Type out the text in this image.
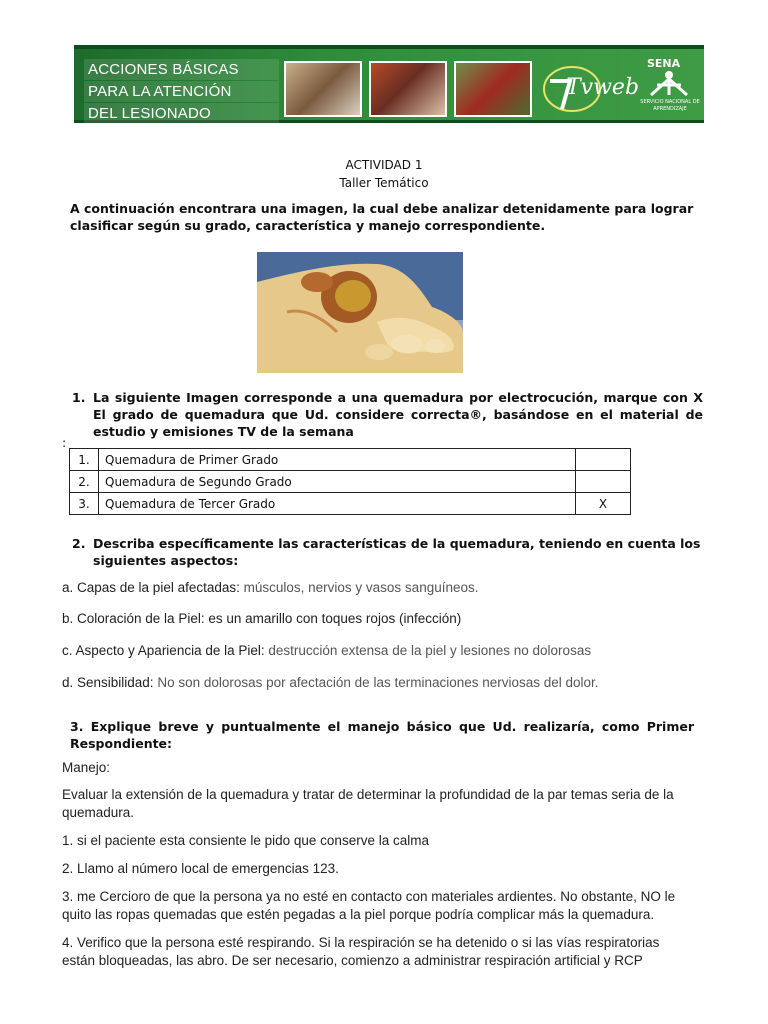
ACCIONES BÁSICAS
PARA LA ATENCIÓN
DEL LESIONADO
Tvweb
SENA
SERVICIO NACIONAL DE APRENDIZAJE
ACTIVIDAD 1
Taller Temático
A continuación encontrara una imagen, la cual debe analizar detenidamente para lograr clasificar según su grado, característica y manejo correspondiente.
1. La siguiente Imagen corresponde a una quemadura por electrocución, marque con X El grado de quemadura que Ud. considere correcta®, basándose en el material de estudio y emisiones TV de la semana
:
1.	Quemadura de Primer Grado	
2.	Quemadura de Segundo Grado	
3.	Quemadura de Tercer Grado	X
2. Describa específicamente las características de la quemadura, teniendo en cuenta los siguientes aspectos:
a. Capas de la piel afectadas: músculos, nervios y vasos sanguíneos.
b. Coloración de la Piel: es un amarillo con toques rojos (infección)
c. Aspecto y Apariencia de la Piel: destrucción extensa de la piel y lesiones no dolorosas
d. Sensibilidad: No son dolorosas por afectación de las terminaciones nerviosas del dolor.
3. Explique breve y puntualmente el manejo básico que Ud. realizaría, como Primer Respondiente:
Manejo:
Evaluar la extensión de la quemadura y tratar de determinar la profundidad de la par temas seria de la quemadura.
1. si el paciente esta consiente le pido que conserve la calma
2. Llamo al número local de emergencias 123.
3. me Cercioro de que la persona ya no esté en contacto con materiales ardientes. No obstante, NO le quito las ropas quemadas que estén pegadas a la piel porque podría complicar más la quemadura.
4. Verifico que la persona esté respirando. Si la respiración se ha detenido o si las vías respiratorias están bloqueadas, las abro. De ser necesario, comienzo a administrar respiración artificial y RCP
